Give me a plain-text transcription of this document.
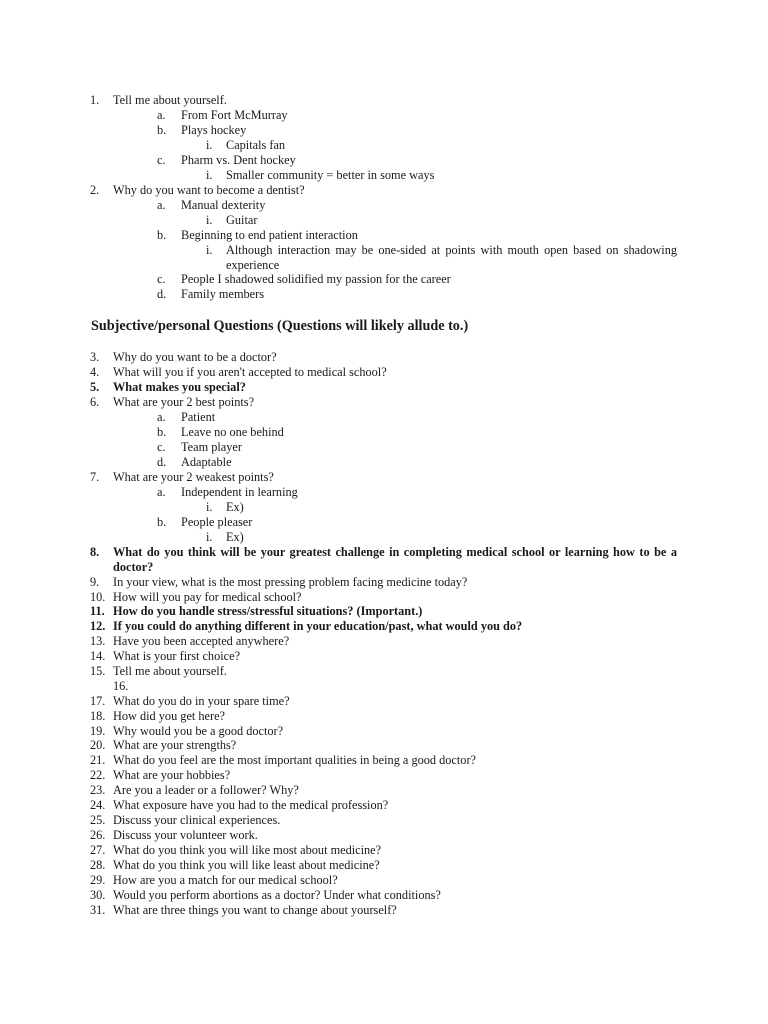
1. Tell me about yourself.
a. From Fort McMurray
b. Plays hockey
i. Capitals fan
c. Pharm vs. Dent hockey
i. Smaller community = better in some ways
2. Why do you want to become a dentist?
a. Manual dexterity
i. Guitar
b. Beginning to end patient interaction
i. Although interaction may be one-sided at points with mouth open based on shadowing
experience
c. People I shadowed solidified my passion for the career
d. Family members
Subjective/personal Questions (Questions will likely allude to.)
3. Why do you want to be a doctor?
4. What will you if you aren't accepted to medical school?
5. What makes you special?
6. What are your 2 best points?
a. Patient
b. Leave no one behind
c. Team player
d. Adaptable
7. What are your 2 weakest points?
a. Independent in learning
i. Ex)
b. People pleaser
i. Ex)
8. What do you think will be your greatest challenge in completing medical school or learning how to be a
doctor?
9. In your view, what is the most pressing problem facing medicine today?
10. How will you pay for medical school?
11. How do you handle stress/stressful situations? (Important.)
12. If you could do anything different in your education/past, what would you do?
13. Have you been accepted anywhere?
14. What is your first choice?
15. Tell me about yourself.
16.
17. What do you do in your spare time?
18. How did you get here?
19. Why would you be a good doctor?
20. What are your strengths?
21. What do you feel are the most important qualities in being a good doctor?
22. What are your hobbies?
23. Are you a leader or a follower? Why?
24. What exposure have you had to the medical profession?
25. Discuss your clinical experiences.
26. Discuss your volunteer work.
27. What do you think you will like most about medicine?
28. What do you think you will like least about medicine?
29. How are you a match for our medical school?
30. Would you perform abortions as a doctor? Under what conditions?
31. What are three things you want to change about yourself?
